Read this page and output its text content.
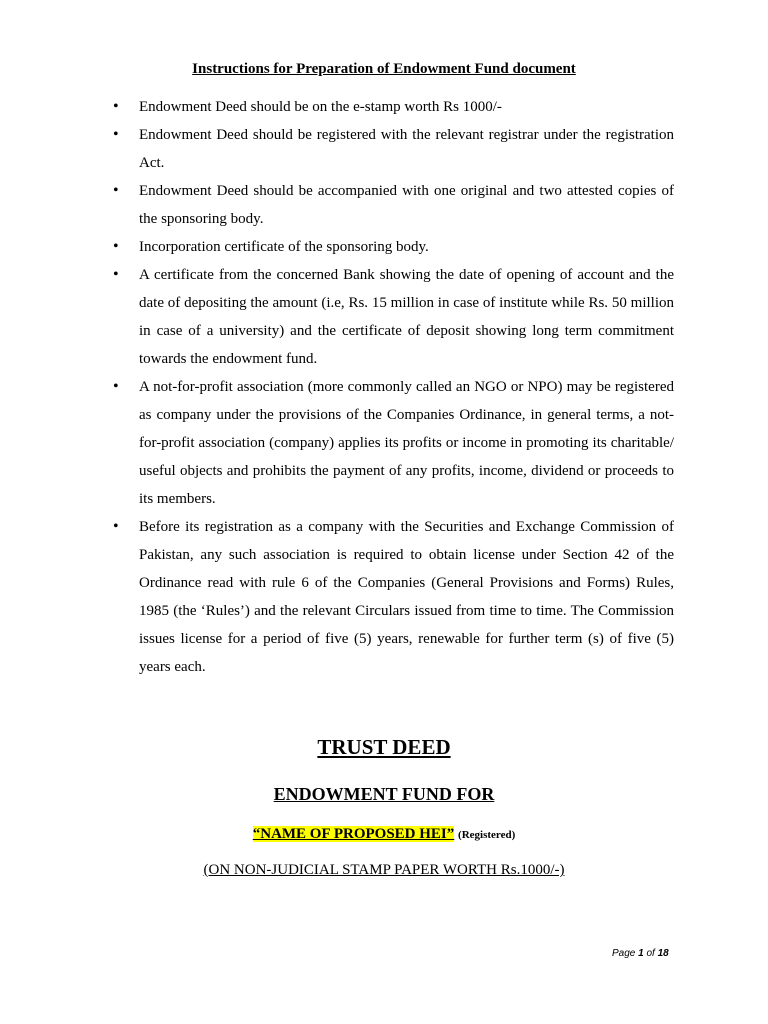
Instructions for Preparation of Endowment Fund document
• Endowment Deed should be on the e-stamp worth Rs 1000/-
• Endowment Deed should be registered with the relevant registrar under the registration Act.
• Endowment Deed should be accompanied with one original and two attested copies of the sponsoring body.
• Incorporation certificate of the sponsoring body.
• A certificate from the concerned Bank showing the date of opening of account and the date of depositing the amount (i.e, Rs. 15 million in case of institute while Rs. 50 million in case of a university) and the certificate of deposit showing long term commitment towards the endowment fund.
• A not-for-profit association (more commonly called an NGO or NPO) may be registered as company under the provisions of the Companies Ordinance, in general terms, a not-for-profit association (company) applies its profits or income in promoting its charitable/ useful objects and prohibits the payment of any profits, income, dividend or proceeds to its members.
• Before its registration as a company with the Securities and Exchange Commission of Pakistan, any such association is required to obtain license under Section 42 of the Ordinance read with rule 6 of the Companies (General Provisions and Forms) Rules, 1985 (the ‘Rules’) and the relevant Circulars issued from time to time. The Commission issues license for a period of five (5) years, renewable for further term (s) of five (5) years each.
TRUST DEED
ENDOWMENT FUND FOR
“NAME OF PROPOSED HEI” (Registered)
(ON NON-JUDICIAL STAMP PAPER WORTH Rs.1000/-)
Page 1 of 18
